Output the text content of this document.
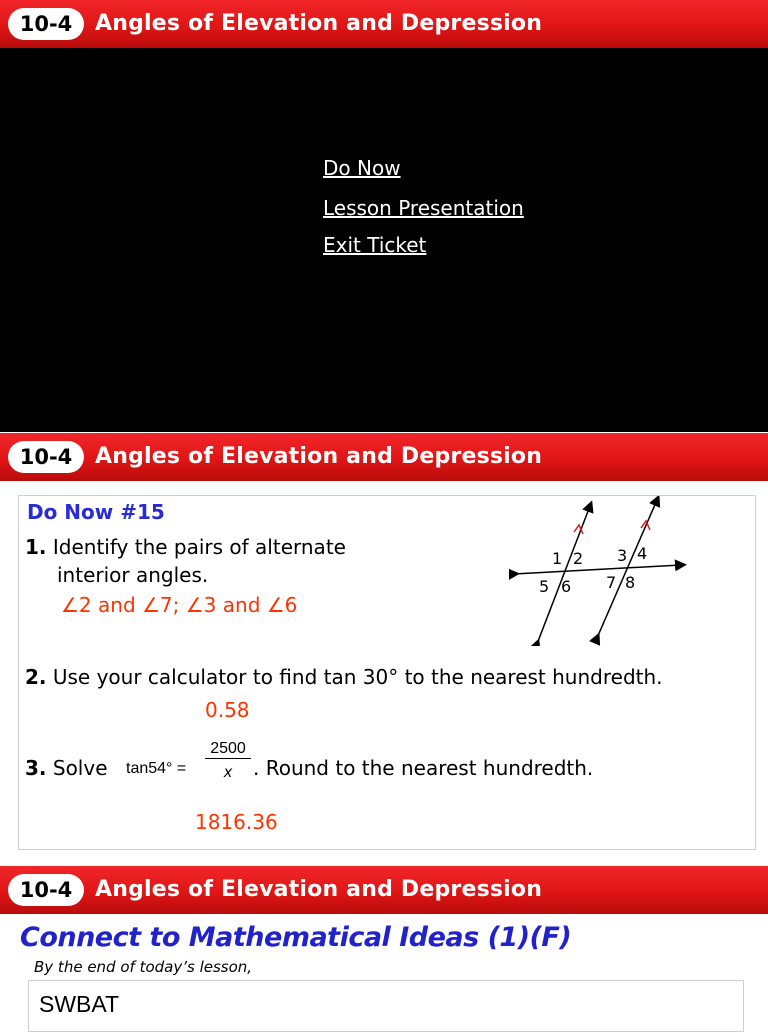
10-4	Angles of Elevation and Depression
Do Now
Lesson Presentation
Exit Ticket
10-4	Angles of Elevation and Depression
Do Now #15
1. Identify the pairs of alternate
interior angles.
∠2 and ∠7; ∠3 and ∠6
1 2 3 4
5 6 7 8
2. Use your calculator to find tan 30° to the nearest hundredth.
0.58
3. Solve tan54° =
2500
x	. Round to the nearest hundredth.
1816.36
10-4	Angles of Elevation and Depression
Connect to Mathematical Ideas (1)(F)
By the end of today’s lesson,
SWBAT
